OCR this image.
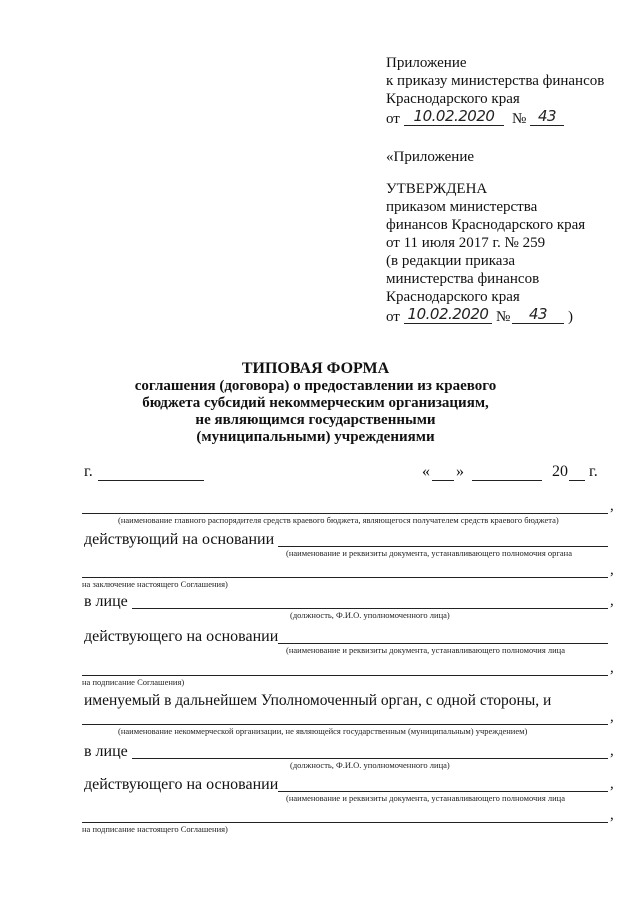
Приложение
к приказу министерства финансов
Краснодарского края
от 10.02.2020	№ 43
«Приложение
УТВЕРЖДЕНА
приказом министерства
финансов Краснодарского края
от 11 июля 2017 г. № 259
(в редакции приказа
министерства финансов
Краснодарского края
от 10.02.2020 №	43	)
ТИПОВАЯ ФОРМА
соглашения (договора) о предоставлении из краевого
бюджета субсидий некоммерческим организациям,
не являющимся государственными
(муниципальными) учреждениями
г.	« »	20 г.
,
(наименование главного распорядителя средств краевого бюджета, являющегося получателем средств краевого бюджета)
действующий на основании
(наименование и реквизиты документа, устанавливающего полномочия органа
,
на заключение настоящего Соглашения)
в лице	,
(должность, Ф.И.О. уполномоченного лица)
действующего на основании
(наименование и реквизиты документа, устанавливающего полномочия лица
,
на подписание Соглашения)
именуемый в дальнейшем Уполномоченный орган, с одной стороны, и
,
(наименование некоммерческой организации, не являющейся государственным (муниципальным) учреждением)
в лице	,
(должность, Ф.И.О. уполномоченного лица)
действующего на основании	,
(наименование и реквизиты документа, устанавливающего полномочия лица
,
на подписание настоящего Соглашения)
